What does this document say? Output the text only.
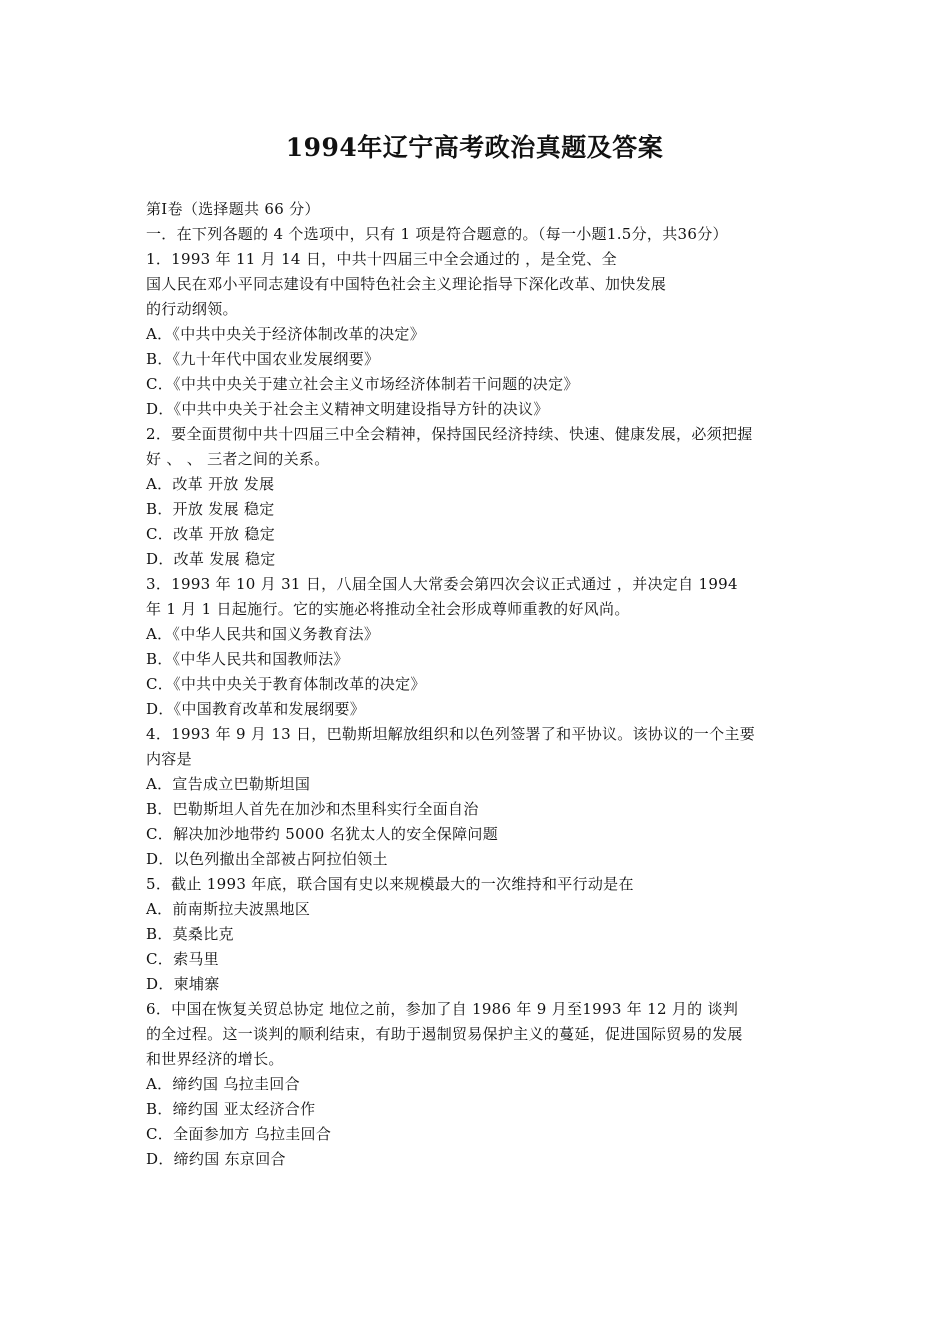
1994年辽宁高考政治真题及答案
第Ⅰ卷（选择题共 66 分）
一．在下列各题的 4 个选项中，只有 1 项是符合题意的。（每一小题1.5分，共36分）
1．1993 年 11 月 14 日，中共十四届三中全会通过的 ，是全党、全
国人民在邓小平同志建设有中国特色社会主义理论指导下深化改革、加快发展
的行动纲领。
A．《中共中央关于经济体制改革的决定》
B．《九十年代中国农业发展纲要》
C．《中共中央关于建立社会主义市场经济体制若干问题的决定》
D．《中共中央关于社会主义精神文明建设指导方针的决议》
2．要全面贯彻中共十四届三中全会精神，保持国民经济持续、快速、健康发展，必须把握
好 、 、 三者之间的关系。
A．改革 开放 发展
B．开放 发展 稳定
C．改革 开放 稳定
D．改革 发展 稳定
3．1993 年 10 月 31 日，八届全国人大常委会第四次会议正式通过 ，并决定自 1994
年 1 月 1 日起施行。它的实施必将推动全社会形成尊师重教的好风尚。
A．《中华人民共和国义务教育法》
B．《中华人民共和国教师法》
C．《中共中央关于教育体制改革的决定》
D．《中国教育改革和发展纲要》
4．1993 年 9 月 13 日，巴勒斯坦解放组织和以色列签署了和平协议。该协议的一个主要
内容是
A．宣告成立巴勒斯坦国
B．巴勒斯坦人首先在加沙和杰里科实行全面自治
C．解决加沙地带约 5000 名犹太人的安全保障问题
D．以色列撤出全部被占阿拉伯领土
5．截止 1993 年底，联合国有史以来规模最大的一次维持和平行动是在
A．前南斯拉夫波黑地区
B．莫桑比克
C．索马里
D．柬埔寨
6．中国在恢复关贸总协定 地位之前，参加了自 1986 年 9 月至1993 年 12 月的 谈判
的全过程。这一谈判的顺利结束，有助于遏制贸易保护主义的蔓延，促进国际贸易的发展
和世界经济的增长。
A．缔约国 乌拉圭回合
B．缔约国 亚太经济合作
C．全面参加方 乌拉圭回合
D．缔约国 东京回合
